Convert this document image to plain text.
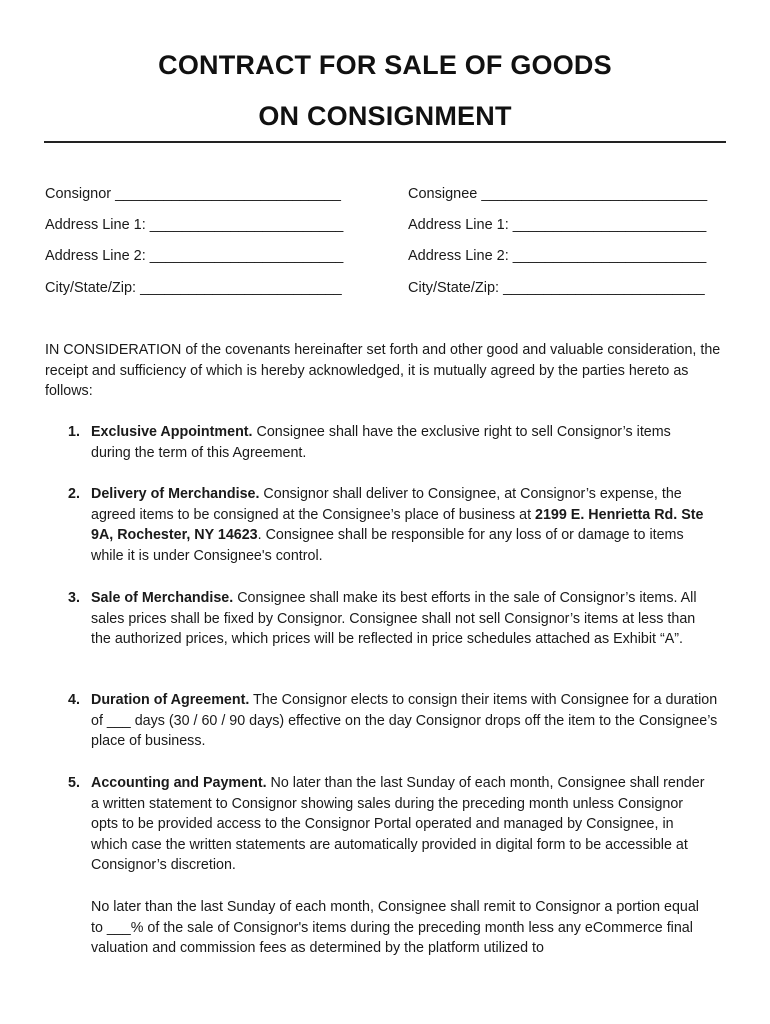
CONTRACT FOR SALE OF GOODS
ON CONSIGNMENT
Consignor ____________________________
Address Line 1: ________________________
Address Line 2: ________________________
City/State/Zip: _________________________
Consignee ____________________________
Address Line 1: ________________________
Address Line 2: ________________________
City/State/Zip: _________________________
IN CONSIDERATION of the covenants hereinafter set forth and other good and valuable consideration, the receipt and sufficiency of which is hereby acknowledged, it is mutually agreed by the parties hereto as follows:
1. Exclusive Appointment. Consignee shall have the exclusive right to sell Consignor’s items during the term of this Agreement.
2. Delivery of Merchandise. Consignor shall deliver to Consignee, at Consignor’s expense, the agreed items to be consigned at the Consignee’s place of business at 2199 E. Henrietta Rd. Ste 9A, Rochester, NY 14623. Consignee shall be responsible for any loss of or damage to items while it is under Consignee's control.
3. Sale of Merchandise. Consignee shall make its best efforts in the sale of Consignor’s items. All sales prices shall be fixed by Consignor. Consignee shall not sell Consignor’s items at less than the authorized prices, which prices will be reflected in price schedules attached as Exhibit “A”.
4. Duration of Agreement. The Consignor elects to consign their items with Consignee for a duration of ___ days (30 / 60 / 90 days) effective on the day Consignor drops off the item to the Consignee’s place of business.
5. Accounting and Payment. No later than the last Sunday of each month, Consignee shall render a written statement to Consignor showing sales during the preceding month unless Consignor opts to be provided access to the Consignor Portal operated and managed by Consignee, in which case the written statements are automatically provided in digital form to be accessible at Consignor’s discretion.
No later than the last Sunday of each month, Consignee shall remit to Consignor a portion equal to ___% of the sale of Consignor's items during the preceding month less any eCommerce final valuation and commission fees as determined by the platform utilized to
